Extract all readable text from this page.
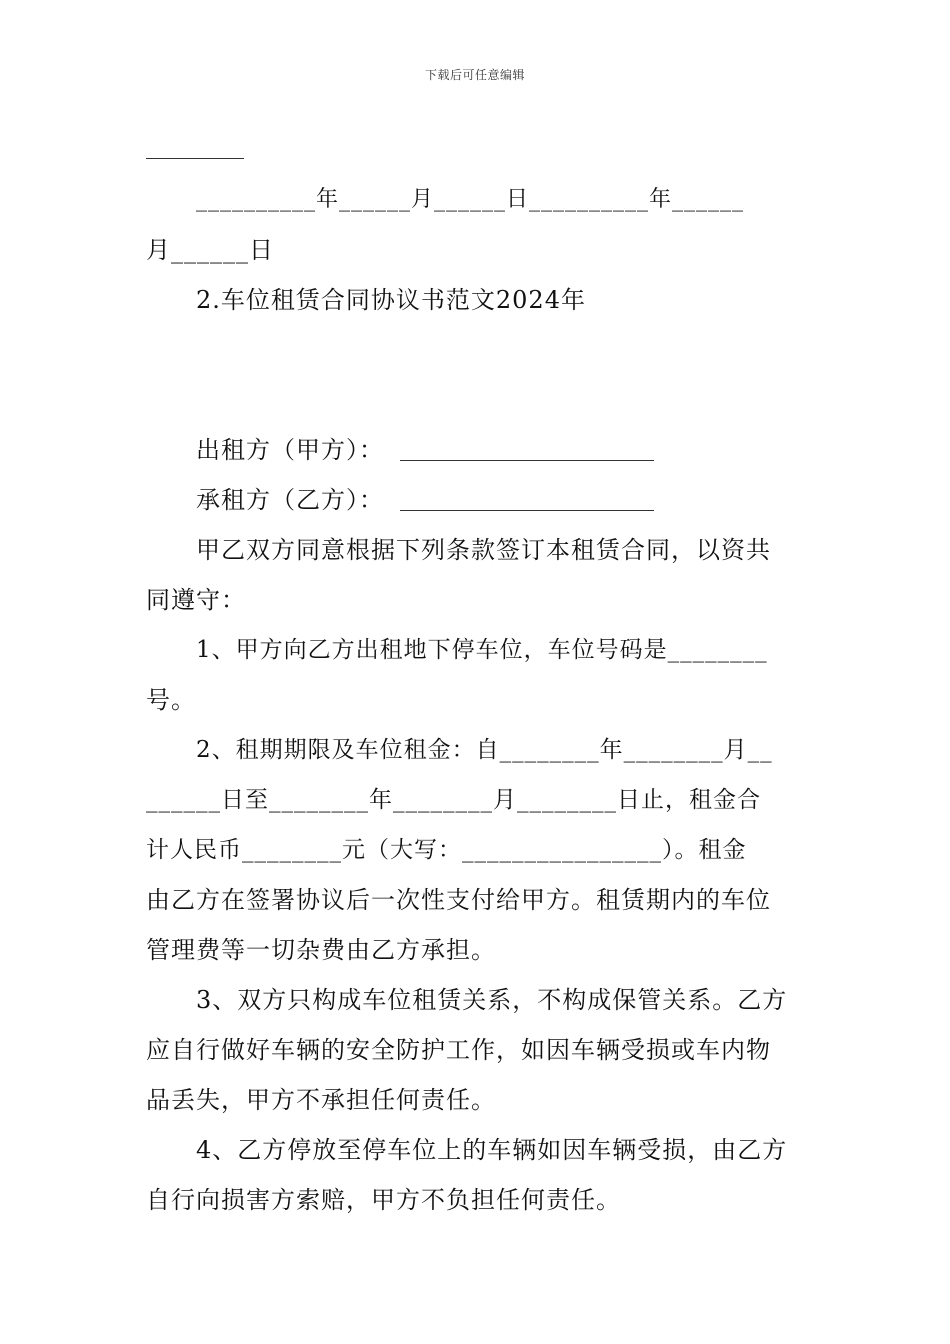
下载后可任意编辑
__________年______月______日__________年______
月______日
2.车位租赁合同协议书范文2024年
出租方（甲方）：
承租方（乙方）：
甲乙双方同意根据下列条款签订本租赁合同，以资共
同遵守：
1、甲方向乙方出租地下停车位，车位号码是________
号。
2、租期期限及车位租金：自________年________月__
______日至________年________月________日止，租金合
计人民币________元（大写：________________）。租金
由乙方在签署协议后一次性支付给甲方。租赁期内的车位
管理费等一切杂费由乙方承担。
3、双方只构成车位租赁关系，不构成保管关系。乙方
应自行做好车辆的安全防护工作，如因车辆受损或车内物
品丢失，甲方不承担任何责任。
4、乙方停放至停车位上的车辆如因车辆受损，由乙方
自行向损害方索赔，甲方不负担任何责任。
